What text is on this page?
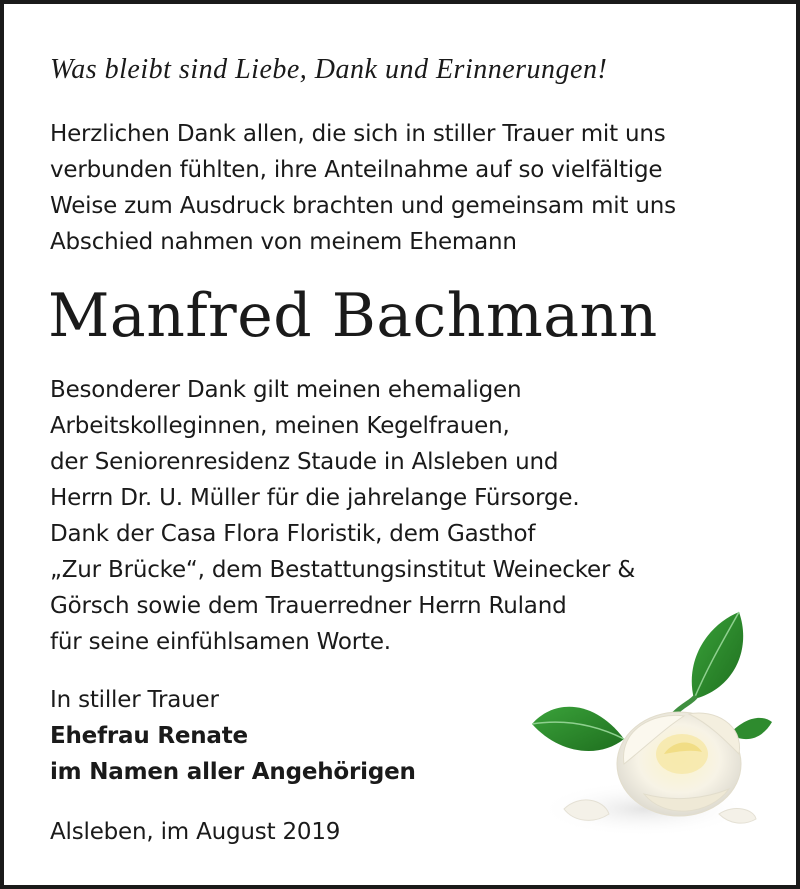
Was bleibt sind Liebe, Dank und Erinnerungen!
Herzlichen Dank allen, die sich in stiller Trauer mit uns
verbunden fühlten, ihre Anteilnahme auf so vielfältige
Weise zum Ausdruck brachten und gemeinsam mit uns
Abschied nahmen von meinem Ehemann
Manfred Bachmann
Besonderer Dank gilt meinen ehemaligen
Arbeitskolleginnen, meinen Kegelfrauen,
der Seniorenresidenz Staude in Alsleben und
Herrn Dr. U. Müller für die jahrelange Fürsorge.
Dank der Casa Flora Floristik, dem Gasthof
„Zur Brücke“, dem Bestattungsinstitut Weinecker &
Görsch sowie dem Trauerredner Herrn Ruland
für seine einfühlsamen Worte.
In stiller Trauer
Ehefrau Renate
im Namen aller Angehörigen
Alsleben, im August 2019
